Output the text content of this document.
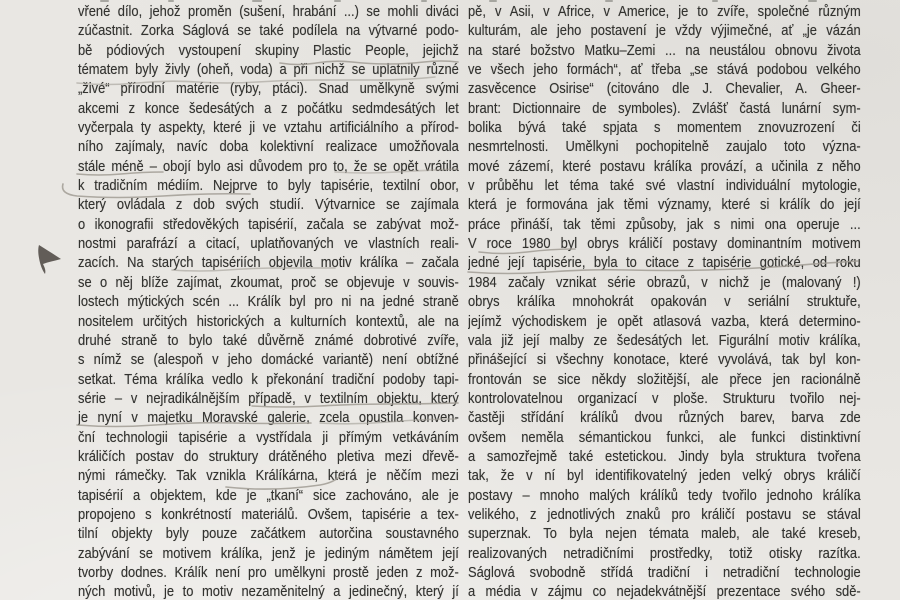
vřené dílo, jehož proměn (sušení, hrabání ...) se mohli diváci
zúčastnit. Zorka Ságlová se také podílela na výtvarné podo-
bě pódiových vystoupení skupiny Plastic People, jejichž
tématem byly živly (oheň, voda) a při nichž se uplatnily různé
„živé“ přírodní matérie (ryby, ptáci). Snad umělkyně svými
akcemi z konce šedesátých a z počátku sedmdesátých let
vyčerpala ty aspekty, které ji ve vztahu artificiálního a přírod-
ního zajímaly, navíc doba kolektivní realizace umožňovala
stále méně – obojí bylo asi důvodem pro to, že se opět vrátila
k tradičním médiím. Nejprve to byly tapisérie, textilní obor,
který ovládala z dob svých studií. Výtvarnice se zajímala
o ikonografii středověkých tapisérií, začala se zabývat mož-
nostmi parafrází a citací, uplatňovaných ve vlastních reali-
zacích. Na starých tapisériích objevila motiv králíka – začala
se o něj blíže zajímat, zkoumat, proč se objevuje v souvis-
lostech mýtických scén ... Králík byl pro ni na jedné straně
nositelem určitých historických a kulturních kontextů, ale na
druhé straně to bylo také důvěrně známé dobrotivé zvíře,
s nímž se (alespoň v jeho domácké variantě) není obtížné
setkat. Téma králíka vedlo k překonání tradiční podoby tapi-
série – v nejradikálnějším případě, v textilním objektu, který
je nyní v majetku Moravské galerie, zcela opustila konven-
ční technologii tapisérie a vystřídala ji přímým vetkáváním
králičích postav do struktury drátěného pletiva mezi dřevě-
nými rámečky. Tak vznikla Králíkárna, která je něčím mezi
tapisérií a objektem, kde je „tkaní“ sice zachováno, ale je
propojeno s konkrétností materiálů. Ovšem, tapisérie a tex-
tilní objekty byly pouze začátkem autorčina soustavného
zabývání se motivem králíka, jenž je jediným námětem její
tvorby dodnes. Králík není pro umělkyni prostě jeden z mož-
ných motivů, je to motiv nezaměnitelný a jedinečný, který jí
pě, v Asii, v Africe, v Americe, je to zvíře, společné různým
kulturám, ale jeho postavení je vždy výjimečné, ať „je vázán
na staré božstvo Matku–Zemi ... na neustálou obnovu života
ve všech jeho formách“, ať třeba „se stává podobou velkého
zasvěcence Osirise“ (citováno dle J. Chevalier, A. Gheer-
brant: Dictionnaire de symboles). Zvlášť častá lunární sym-
bolika bývá také spjata s momentem znovuzrození či
nesmrtelnosti. Umělkyni pochopitelně zaujalo toto význa-
mové zázemí, které postavu králíka provází, a učinila z něho
v průběhu let téma také své vlastní individuální mytologie,
která je formována jak těmi významy, které si králík do její
práce přináší, tak těmi způsoby, jak s nimi ona operuje ...
V roce 1980 byl obrys králičí postavy dominantním motivem
jedné její tapisérie, byla to citace z tapisérie gotické, od roku
1984 začaly vznikat série obrazů, v nichž je (malovaný !)
obrys králíka mnohokrát opakován v seriální struktuře,
jejímž východiskem je opět atlasová vazba, která determino-
vala již její malby ze šedesátých let. Figurální motiv králíka,
přinášející si všechny konotace, které vyvolává, tak byl kon-
frontován se sice někdy složitější, ale přece jen racionálně
kontrolovatelnou organizací v ploše. Strukturu tvořilo nej-
častěji střídání králíků dvou různých barev, barva zde
ovšem neměla sémantickou funkci, ale funkci distinktivní
a samozřejmě také estetickou. Jindy byla struktura tvořena
tak, že v ní byl identifikovatelný jeden velký obrys králičí
postavy – mnoho malých králíků tedy tvořilo jednoho králíka
velikého, z jednotlivých znaků pro králičí postavu se stával
superznak. To byla nejen témata maleb, ale také kreseb,
realizovaných netradičními prostředky, totiž otisky razítka.
Ságlová svobodně střídá tradiční i netradiční technologie
a média v zájmu co nejadekvátnější prezentace svého sdě-
